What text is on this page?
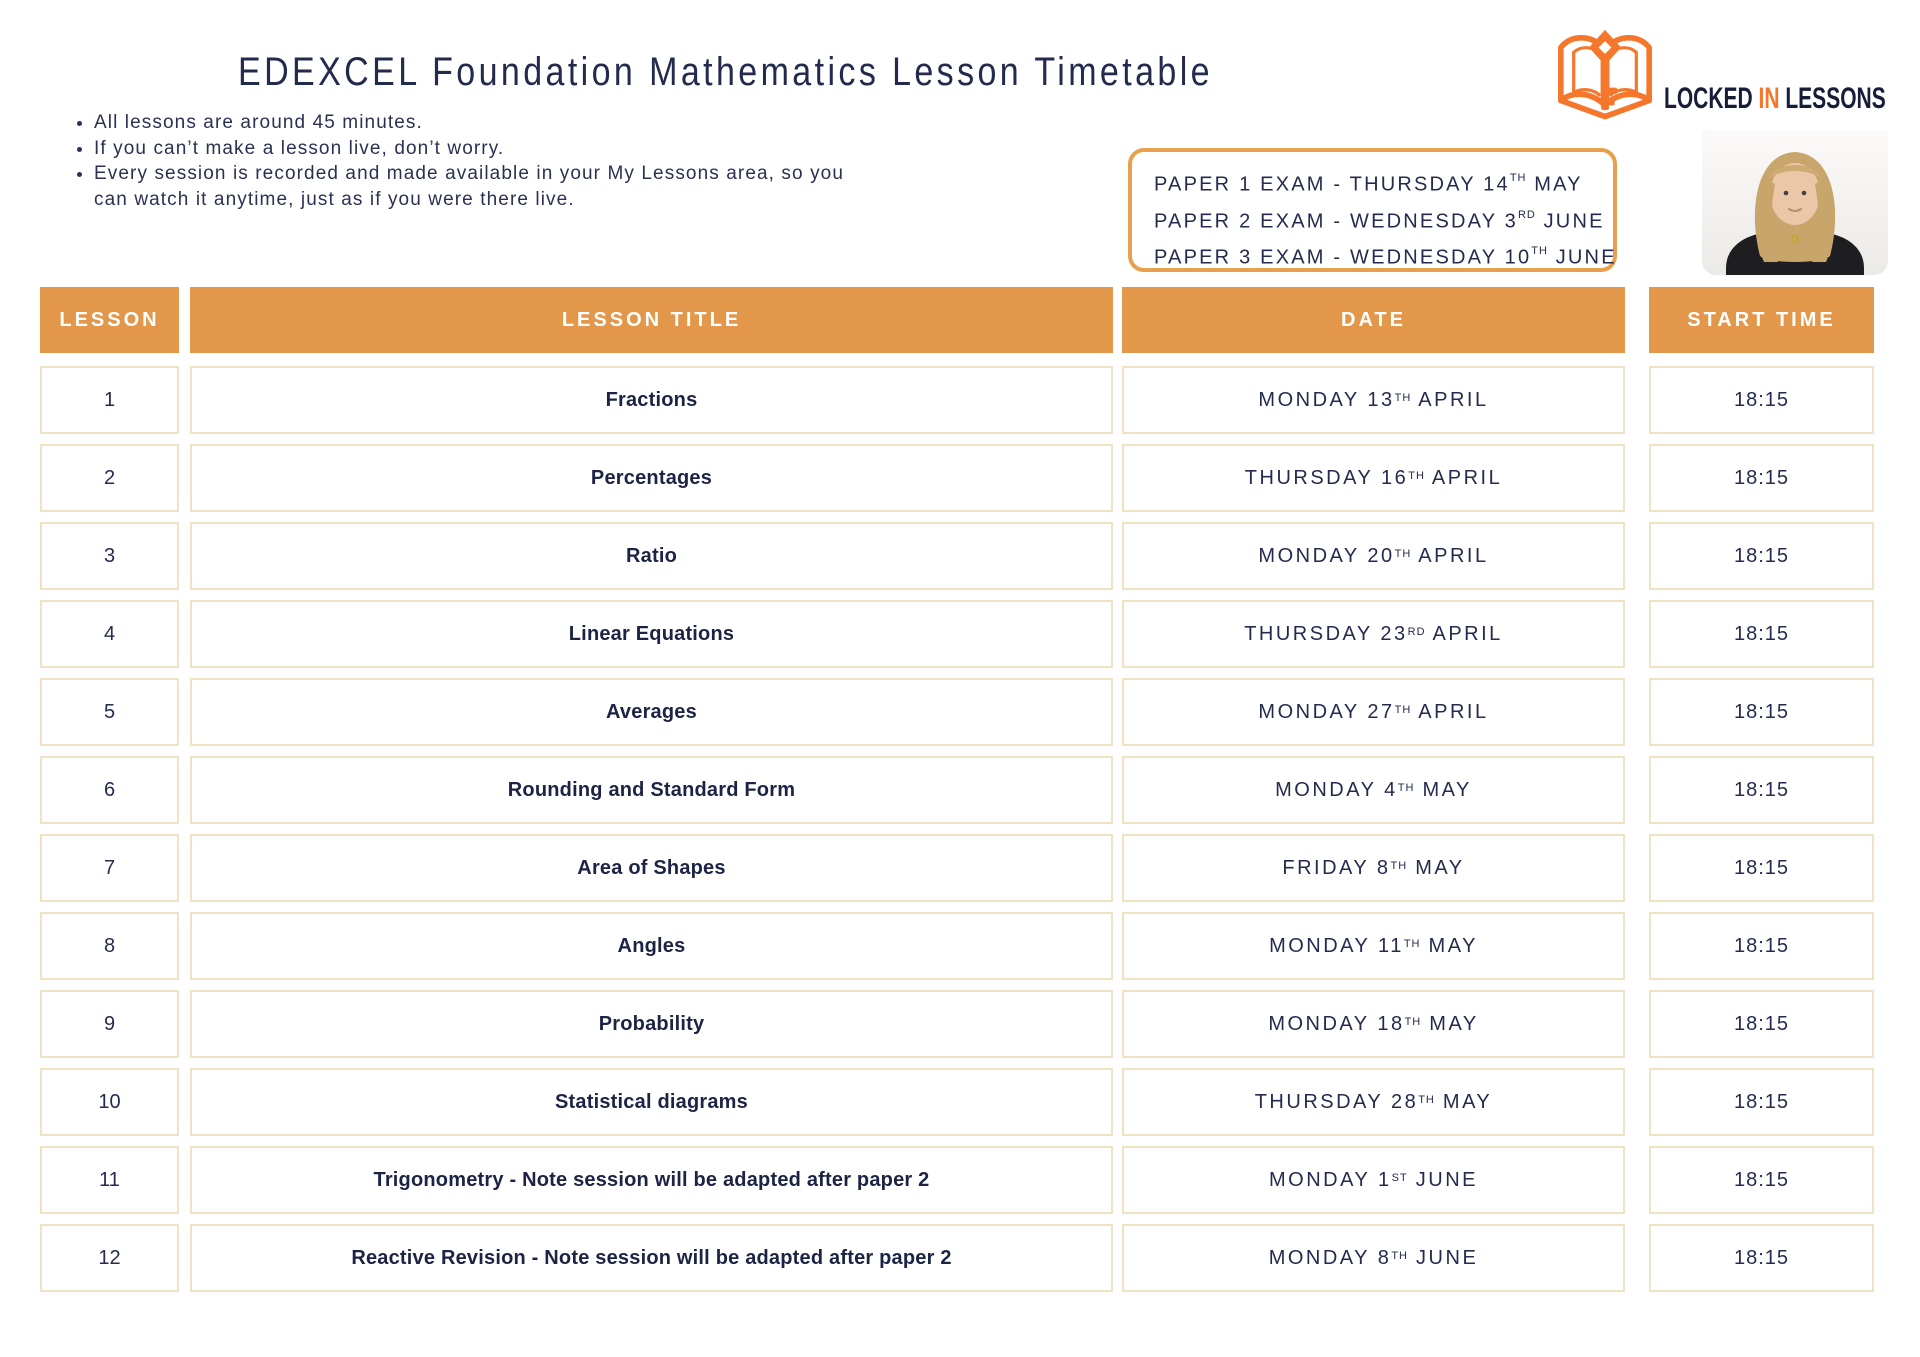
EDEXCEL Foundation Mathematics Lesson Timetable
• All lessons are around 45 minutes.
• If you can’t make a lesson live, don’t worry.
• Every session is recorded and made available in your My Lessons area, so you can watch it anytime, just as if you were there live.
PAPER 1 EXAM - THURSDAY 14TH MAY
PAPER 2 EXAM - WEDNESDAY 3RD JUNE
PAPER 3 EXAM - WEDNESDAY 10TH JUNE
LOCKED IN LESSONS
LESSON	LESSON TITLE	DATE	START TIME
1	Fractions	MONDAY 13TH APRIL	18:15
2	Percentages	THURSDAY 16TH APRIL	18:15
3	Ratio	MONDAY 20TH APRIL	18:15
4	Linear Equations	THURSDAY 23RD APRIL	18:15
5	Averages	MONDAY 27TH APRIL	18:15
6	Rounding and Standard Form	MONDAY 4TH MAY	18:15
7	Area of Shapes	FRIDAY 8TH MAY	18:15
8	Angles	MONDAY 11TH MAY	18:15
9	Probability	MONDAY 18TH MAY	18:15
10	Statistical diagrams	THURSDAY 28TH MAY	18:15
11	Trigonometry - Note session will be adapted after paper 2	MONDAY 1ST JUNE	18:15
12	Reactive Revision - Note session will be adapted after paper 2	MONDAY 8TH JUNE	18:15
